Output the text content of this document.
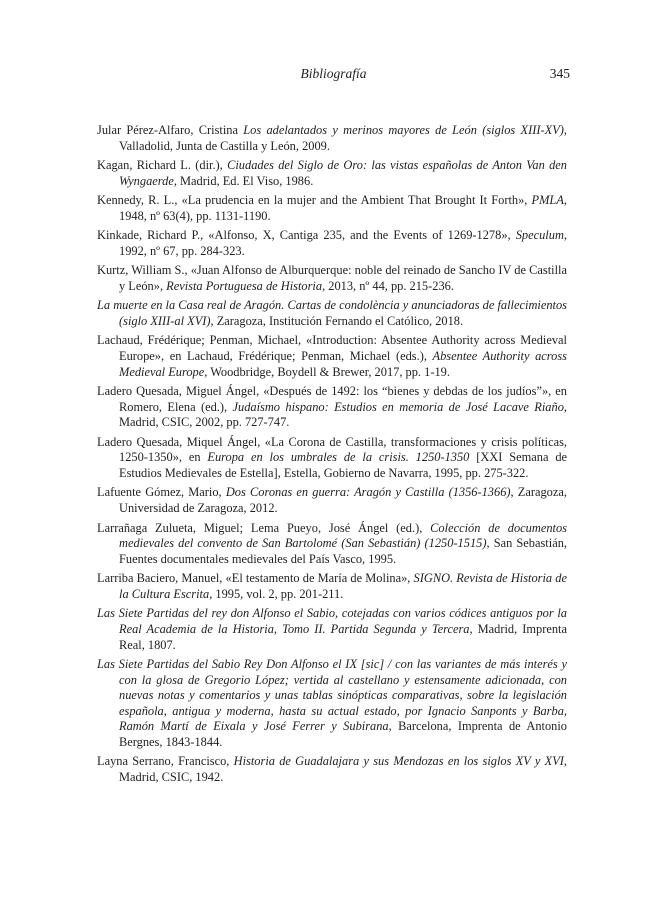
Bibliografía	345
Jular Pérez-Alfaro, Cristina Los adelantados y merinos mayores de León (siglos XIII-XV), Valladolid, Junta de Castilla y León, 2009.
Kagan, Richard L. (dir.), Ciudades del Siglo de Oro: las vistas españolas de Anton Van den Wyngaerde, Madrid, Ed. El Viso, 1986.
Kennedy, R. L., «La prudencia en la mujer and the Ambient That Brought It Forth», PMLA, 1948, nº 63(4), pp. 1131-1190.
Kinkade, Richard P., «Alfonso, X, Cantiga 235, and the Events of 1269-1278», Speculum, 1992, nº 67, pp. 284-323.
Kurtz, William S., «Juan Alfonso de Alburquerque: noble del reinado de Sancho IV de Castilla y León», Revista Portuguesa de Historia, 2013, nº 44, pp. 215-236.
La muerte en la Casa real de Aragón. Cartas de condolència y anunciadoras de fallecimientos (siglo XIII-al XVI), Zaragoza, Institución Fernando el Católico, 2018.
Lachaud, Frédérique; Penman, Michael, «Introduction: Absentee Authority across Medieval Europe», en Lachaud, Frédérique; Penman, Michael (eds.), Absentee Authority across Medieval Europe, Woodbridge, Boydell & Brewer, 2017, pp. 1-19.
Ladero Quesada, Miguel Ángel, «Después de 1492: los “bienes y debdas de los judíos”», en Romero, Elena (ed.), Judaísmo hispano: Estudios en memoria de José Lacave Riaño, Madrid, CSIC, 2002, pp. 727-747.
Ladero Quesada, Miquel Ángel, «La Corona de Castilla, transformaciones y crisis políticas, 1250-1350», en Europa en los umbrales de la crisis. 1250-1350 [XXI Semana de Estudios Medievales de Estella], Estella, Gobierno de Navarra, 1995, pp. 275-322.
Lafuente Gómez, Mario, Dos Coronas en guerra: Aragón y Castilla (1356-1366), Zaragoza, Universidad de Zaragoza, 2012.
Larrañaga Zulueta, Miguel; Lema Pueyo, José Ángel (ed.), Colección de documentos medievales del convento de San Bartolomé (San Sebastián) (1250-1515), San Sebastián, Fuentes documentales medievales del País Vasco, 1995.
Larriba Baciero, Manuel, «El testamento de María de Molina», SIGNO. Revista de Historia de la Cultura Escrita, 1995, vol. 2, pp. 201-211.
Las Siete Partidas del rey don Alfonso el Sabio, cotejadas con varios códices antiguos por la Real Academia de la Historia, Tomo II. Partida Segunda y Tercera, Madrid, Imprenta Real, 1807.
Las Siete Partidas del Sabio Rey Don Alfonso el IX [sic] / con las variantes de más interés y con la glosa de Gregorio López; vertida al castellano y estensamente adicionada, con nuevas notas y comentarios y unas tablas sinópticas comparativas, sobre la legislación española, antigua y moderna, hasta su actual estado, por Ignacio Sanponts y Barba, Ramón Martí de Eixala y José Ferrer y Subirana, Barcelona, Imprenta de Antonio Bergnes, 1843-1844.
Layna Serrano, Francisco, Historia de Guadalajara y sus Mendozas en los siglos XV y XVI, Madrid, CSIC, 1942.
